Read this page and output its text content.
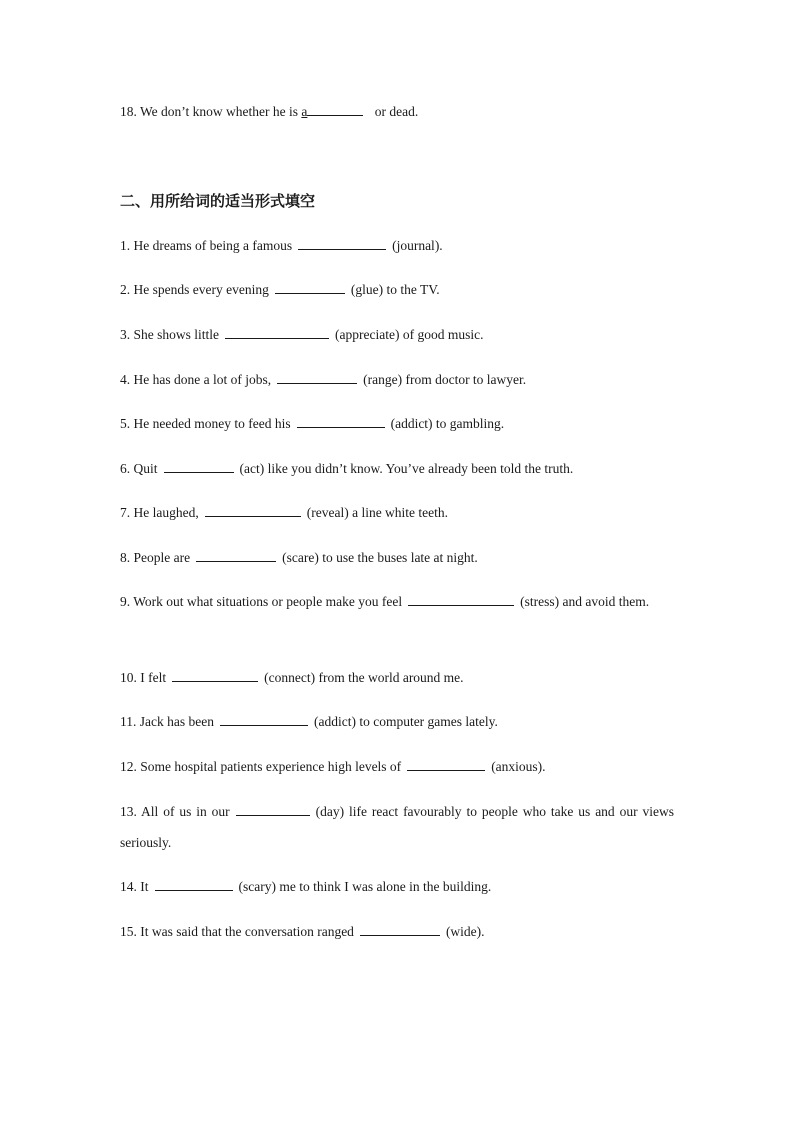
18. We don’t know whether he is a	or dead.
二、用所给词的适当形式填空
1. He dreams of being a famous	(journal).
2. He spends every evening	(glue) to the TV.
3. She shows little	(appreciate) of good music.
4. He has done a lot of jobs,	(range) from doctor to lawyer.
5. He needed money to feed his	(addict) to gambling.
6. Quit	(act) like you didn’t know. You’ve already been told the truth.
7. He laughed,	(reveal) a line white teeth.
8. People are	(scare) to use the buses late at night.
9. Work out what situations or people make you feel	(stress) and avoid them.
10. I felt	(connect) from the world around me.
11. Jack has been	(addict) to computer games lately.
12. Some hospital patients experience high levels of	(anxious).
13. All of us in our	(day) life react favourably to people who take us and our views seriously.
14. It	(scary) me to think I was alone in the building.
15. It was said that the conversation ranged	(wide).
